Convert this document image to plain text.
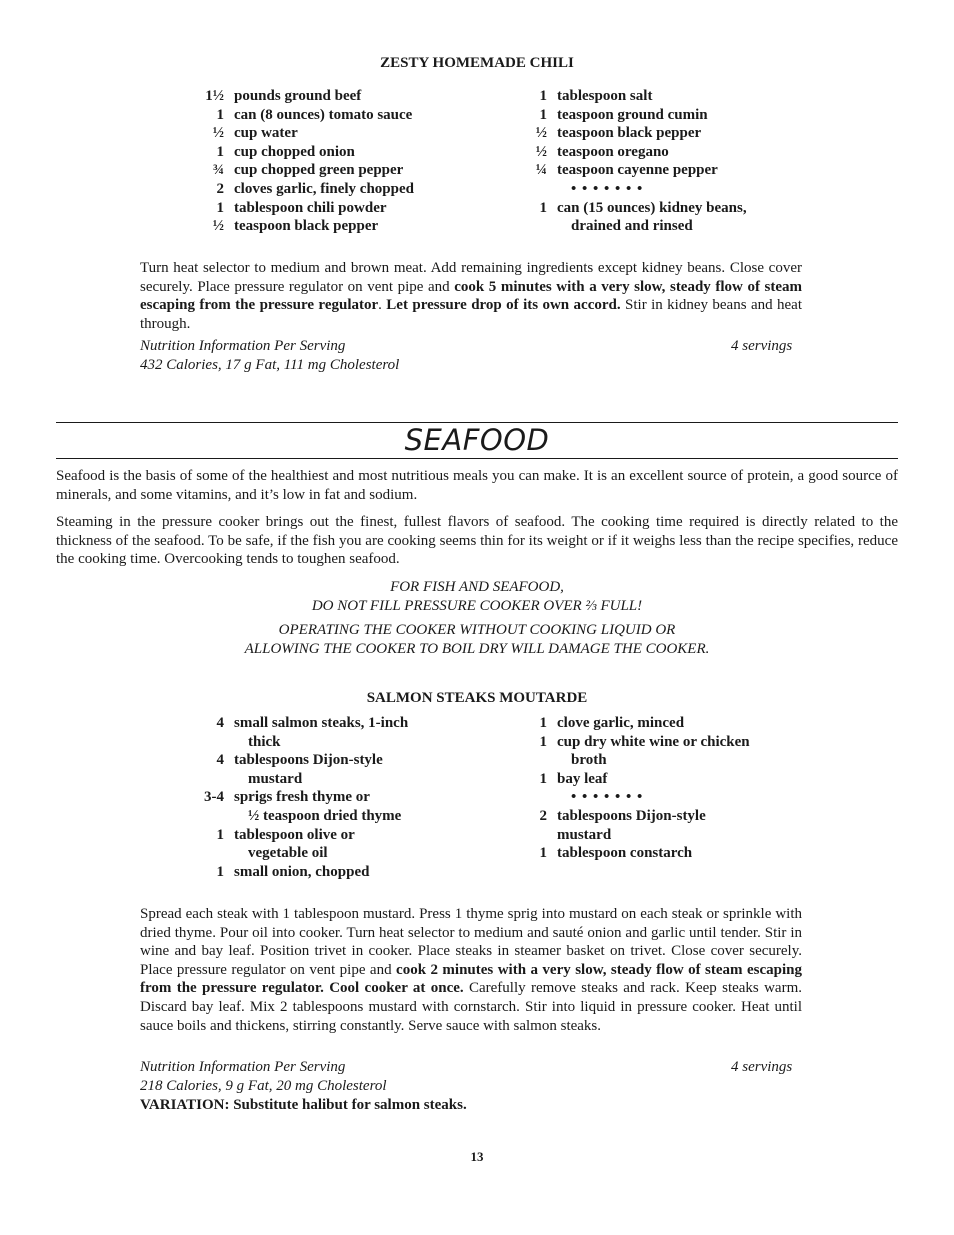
ZESTY HOMEMADE CHILI
1½ pounds ground beef
1 can (8 ounces) tomato sauce
½ cup water
1 cup chopped onion
¾ cup chopped green pepper
2 cloves garlic, finely chopped
1 tablespoon chili powder
½ teaspoon black pepper
1 tablespoon salt
1 teaspoon ground cumin
½ teaspoon black pepper
½ teaspoon oregano
¼ teaspoon cayenne pepper
• • • • • • •
1 can (15 ounces) kidney beans,
drained and rinsed
Turn heat selector to medium and brown meat. Add remaining ingredients except kidney beans. Close cover securely. Place pressure regulator on vent pipe and cook 5 minutes with a very slow, steady flow of steam escaping from the pressure regulator. Let pressure drop of its own accord. Stir in kidney beans and heat through.
Nutrition Information Per Serving	4 servings
432 Calories, 17 g Fat, 111 mg Cholesterol
SEAFOOD
Seafood is the basis of some of the healthiest and most nutritious meals you can make. It is an excellent source of protein, a good source of minerals, and some vitamins, and it’s low in fat and sodium.
Steaming in the pressure cooker brings out the finest, fullest flavors of seafood. The cooking time required is directly related to the thickness of the seafood. To be safe, if the fish you are cooking seems thin for its weight or if it weighs less than the recipe specifies, reduce the cooking time. Overcooking tends to toughen seafood.
FOR FISH AND SEAFOOD,
DO NOT FILL PRESSURE COOKER OVER ⅔ FULL!
OPERATING THE COOKER WITHOUT COOKING LIQUID OR
ALLOWING THE COOKER TO BOIL DRY WILL DAMAGE THE COOKER.
SALMON STEAKS MOUTARDE
4 small salmon steaks, 1-inch
thick
4 tablespoons Dijon-style
mustard
3-4 sprigs fresh thyme or
½ teaspoon dried thyme
1 tablespoon olive or
vegetable oil
1 small onion, chopped
1 clove garlic, minced
1 cup dry white wine or chicken
broth
1 bay leaf
• • • • • • •
2 tablespoons Dijon-style
mustard
1 tablespoon constarch
Spread each steak with 1 tablespoon mustard. Press 1 thyme sprig into mustard on each steak or sprinkle with dried thyme. Pour oil into cooker. Turn heat selector to medium and sauté onion and garlic until tender. Stir in wine and bay leaf. Position trivet in cooker. Place steaks in steamer basket on trivet. Close cover securely. Place pressure regulator on vent pipe and cook 2 minutes with a very slow, steady flow of steam escaping from the pressure regulator. Cool cooker at once. Carefully remove steaks and rack. Keep steaks warm. Discard bay leaf. Mix 2 tablespoons mustard with cornstarch. Stir into liquid in pressure cooker. Heat until sauce boils and thickens, stirring constantly. Serve sauce with salmon steaks.
Nutrition Information Per Serving	4 servings
218 Calories, 9 g Fat, 20 mg Cholesterol
VARIATION: Substitute halibut for salmon steaks.
13
